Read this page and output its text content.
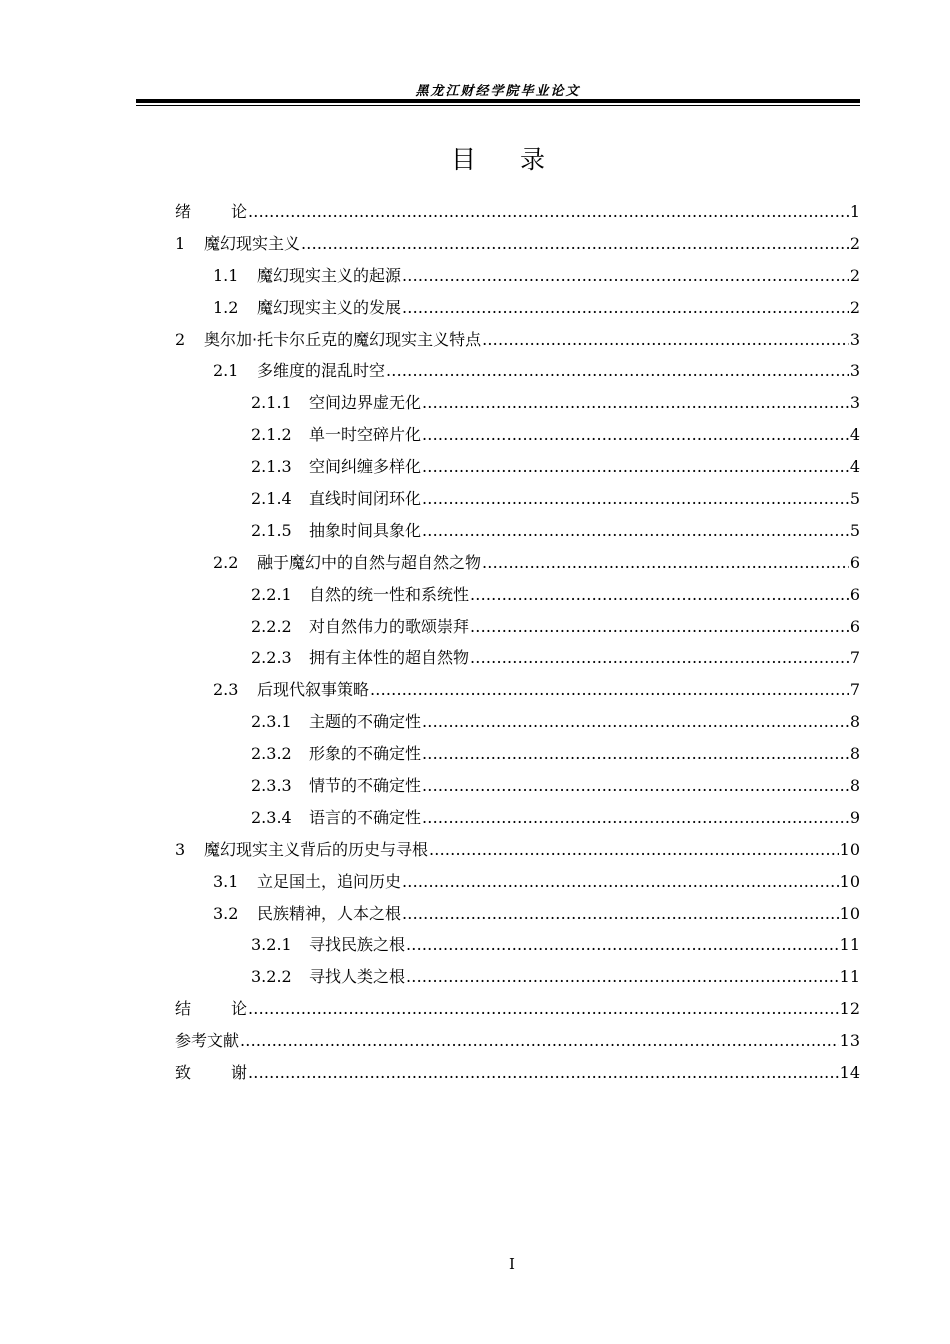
黑龙江财经学院毕业论文
目 录
绪论 .....	1
1	魔幻现实主义 .....	2
1.1	魔幻现实主义的起源 .....	2
1.2	魔幻现实主义的发展 .....	2
2	奥尔加·托卡尔丘克的魔幻现实主义特点 .....	3
2.1	多维度的混乱时空 .....	3
2.1.1	空间边界虚无化 .....	3
2.1.2	单一时空碎片化 .....	4
2.1.3	空间纠缠多样化 .....	4
2.1.4	直线时间闭环化 .....	5
2.1.5	抽象时间具象化 .....	5
2.2	融于魔幻中的自然与超自然之物 .....	6
2.2.1	自然的统一性和系统性 .....	6
2.2.2	对自然伟力的歌颂崇拜 .....	6
2.2.3	拥有主体性的超自然物 .....	7
2.3	后现代叙事策略 .....	7
2.3.1	主题的不确定性 .....	8
2.3.2	形象的不确定性 .....	8
2.3.3	情节的不确定性 .....	8
2.3.4	语言的不确定性 .....	9
3	魔幻现实主义背后的历史与寻根 .....	10
3.1	立足国土，追问历史 .....	10
3.2	民族精神，人本之根 .....	10
3.2.1	寻找民族之根 .....	11
3.2.2	寻找人类之根 .....	11
结论 .....	12
参考文献 .....	13
致谢 .....	14
I
